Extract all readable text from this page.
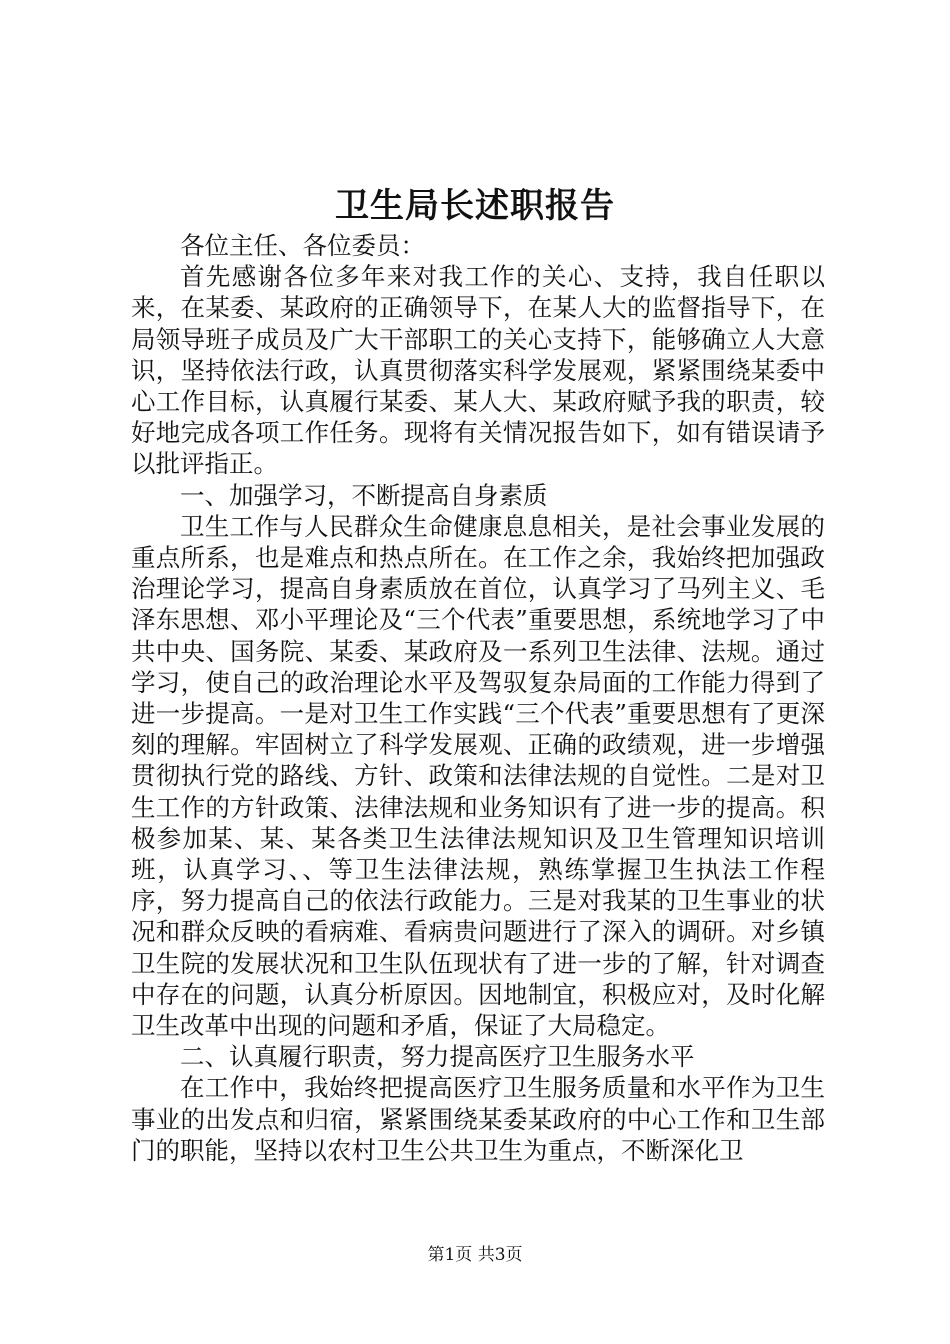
卫生局长述职报告

各位主任、各位委员：

首先感谢各位多年来对我工作的关心、支持，我自任职以来，在某委、某政府的正确领导下，在某人大的监督指导下，在局领导班子成员及广大干部职工的关心支持下，能够确立人大意识，坚持依法行政，认真贯彻落实科学发展观，紧紧围绕某委中心工作目标，认真履行某委、某人大、某政府赋予我的职责，较好地完成各项工作任务。现将有关情况报告如下，如有错误请予以批评指正。

一、加强学习，不断提高自身素质

卫生工作与人民群众生命健康息息相关，是社会事业发展的重点所系，也是难点和热点所在。在工作之余，我始终把加强政治理论学习，提高自身素质放在首位，认真学习了马列主义、毛泽东思想、邓小平理论及“三个代表”重要思想，系统地学习了中共中央、国务院、某委、某政府及一系列卫生法律、法规。通过学习，使自己的政治理论水平及驾驭复杂局面的工作能力得到了进一步提高。一是对卫生工作实践“三个代表”重要思想有了更深刻的理解。牢固树立了科学发展观、正确的政绩观，进一步增强贯彻执行党的路线、方针、政策和法律法规的自觉性。二是对卫生工作的方针政策、法律法规和业务知识有了进一步的提高。积极参加某、某、某各类卫生法律法规知识及卫生管理知识培训班，认真学习、、等卫生法律法规，熟练掌握卫生执法工作程序，努力提高自己的依法行政能力。三是对我某的卫生事业的状况和群众反映的看病难、看病贵问题进行了深入的调研。对乡镇卫生院的发展状况和卫生队伍现状有了进一步的了解，针对调查中存在的问题，认真分析原因。因地制宜，积极应对，及时化解卫生改革中出现的问题和矛盾，保证了大局稳定。

二、认真履行职责，努力提高医疗卫生服务水平

在工作中，我始终把提高医疗卫生服务质量和水平作为卫生事业的出发点和归宿，紧紧围绕某委某政府的中心工作和卫生部门的职能，坚持以农村卫生公共卫生为重点，不断深化卫

第1页 共3页
